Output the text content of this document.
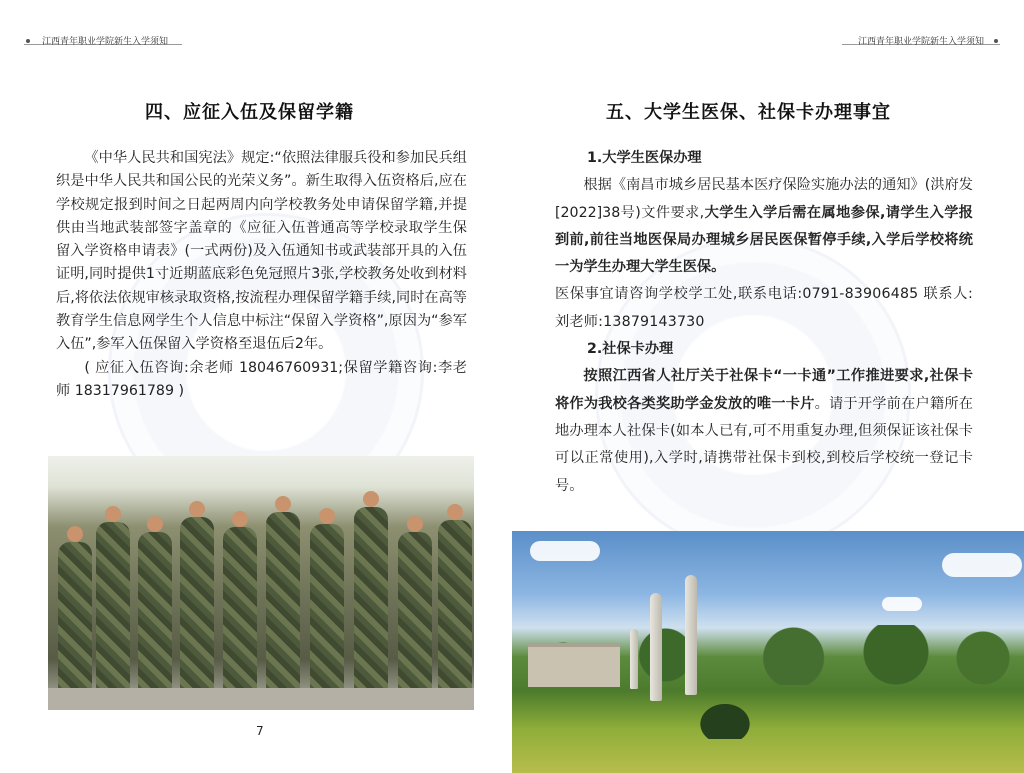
江西青年职业学院新生入学须知	江西青年职业学院新生入学须知
四、应征入伍及保留学籍

《中华人民共和国宪法》规定:“依照法律服兵役和参加民兵组织是中华人民共和国公民的光荣义务”。新生取得入伍资格后,应在学校规定报到时间之日起两周内向学校教务处申请保留学籍,并提供由当地武装部签字盖章的《应征入伍普通高等学校录取学生保留入学资格申请表》(一式两份)及入伍通知书或武装部开具的入伍证明,同时提供1寸近期蓝底彩色免冠照片3张,学校教务处收到材料后,将依法依规审核录取资格,按流程办理保留学籍手续,同时在高等教育学生信息网学生个人信息中标注“保留入学资格”,原因为“参军入伍”,参军入伍保留入学资格至退伍后2年。

( 应征入伍咨询:余老师 18046760931;保留学籍咨询:李老师 18317961789 )

7
五、大学生医保、社保卡办理事宜

1.大学生医保办理

根据《南昌市城乡居民基本医疗保险实施办法的通知》(洪府发[2022]38号)文件要求,大学生入学后需在属地参保,请学生入学报到前,前往当地医保局办理城乡居民医保暂停手续,入学后学校将统一为学生办理大学生医保。

医保事宜请咨询学校学工处,联系电话:0791-83906485 联系人:刘老师:13879143730

2.社保卡办理

按照江西省人社厅关于社保卡“一卡通”工作推进要求,社保卡将作为我校各类奖助学金发放的唯一卡片。请于开学前在户籍所在地办理本人社保卡(如本人已有,可不用重复办理,但须保证该社保卡可以正常使用),入学时,请携带社保卡到校,到校后学校统一登记卡号。
